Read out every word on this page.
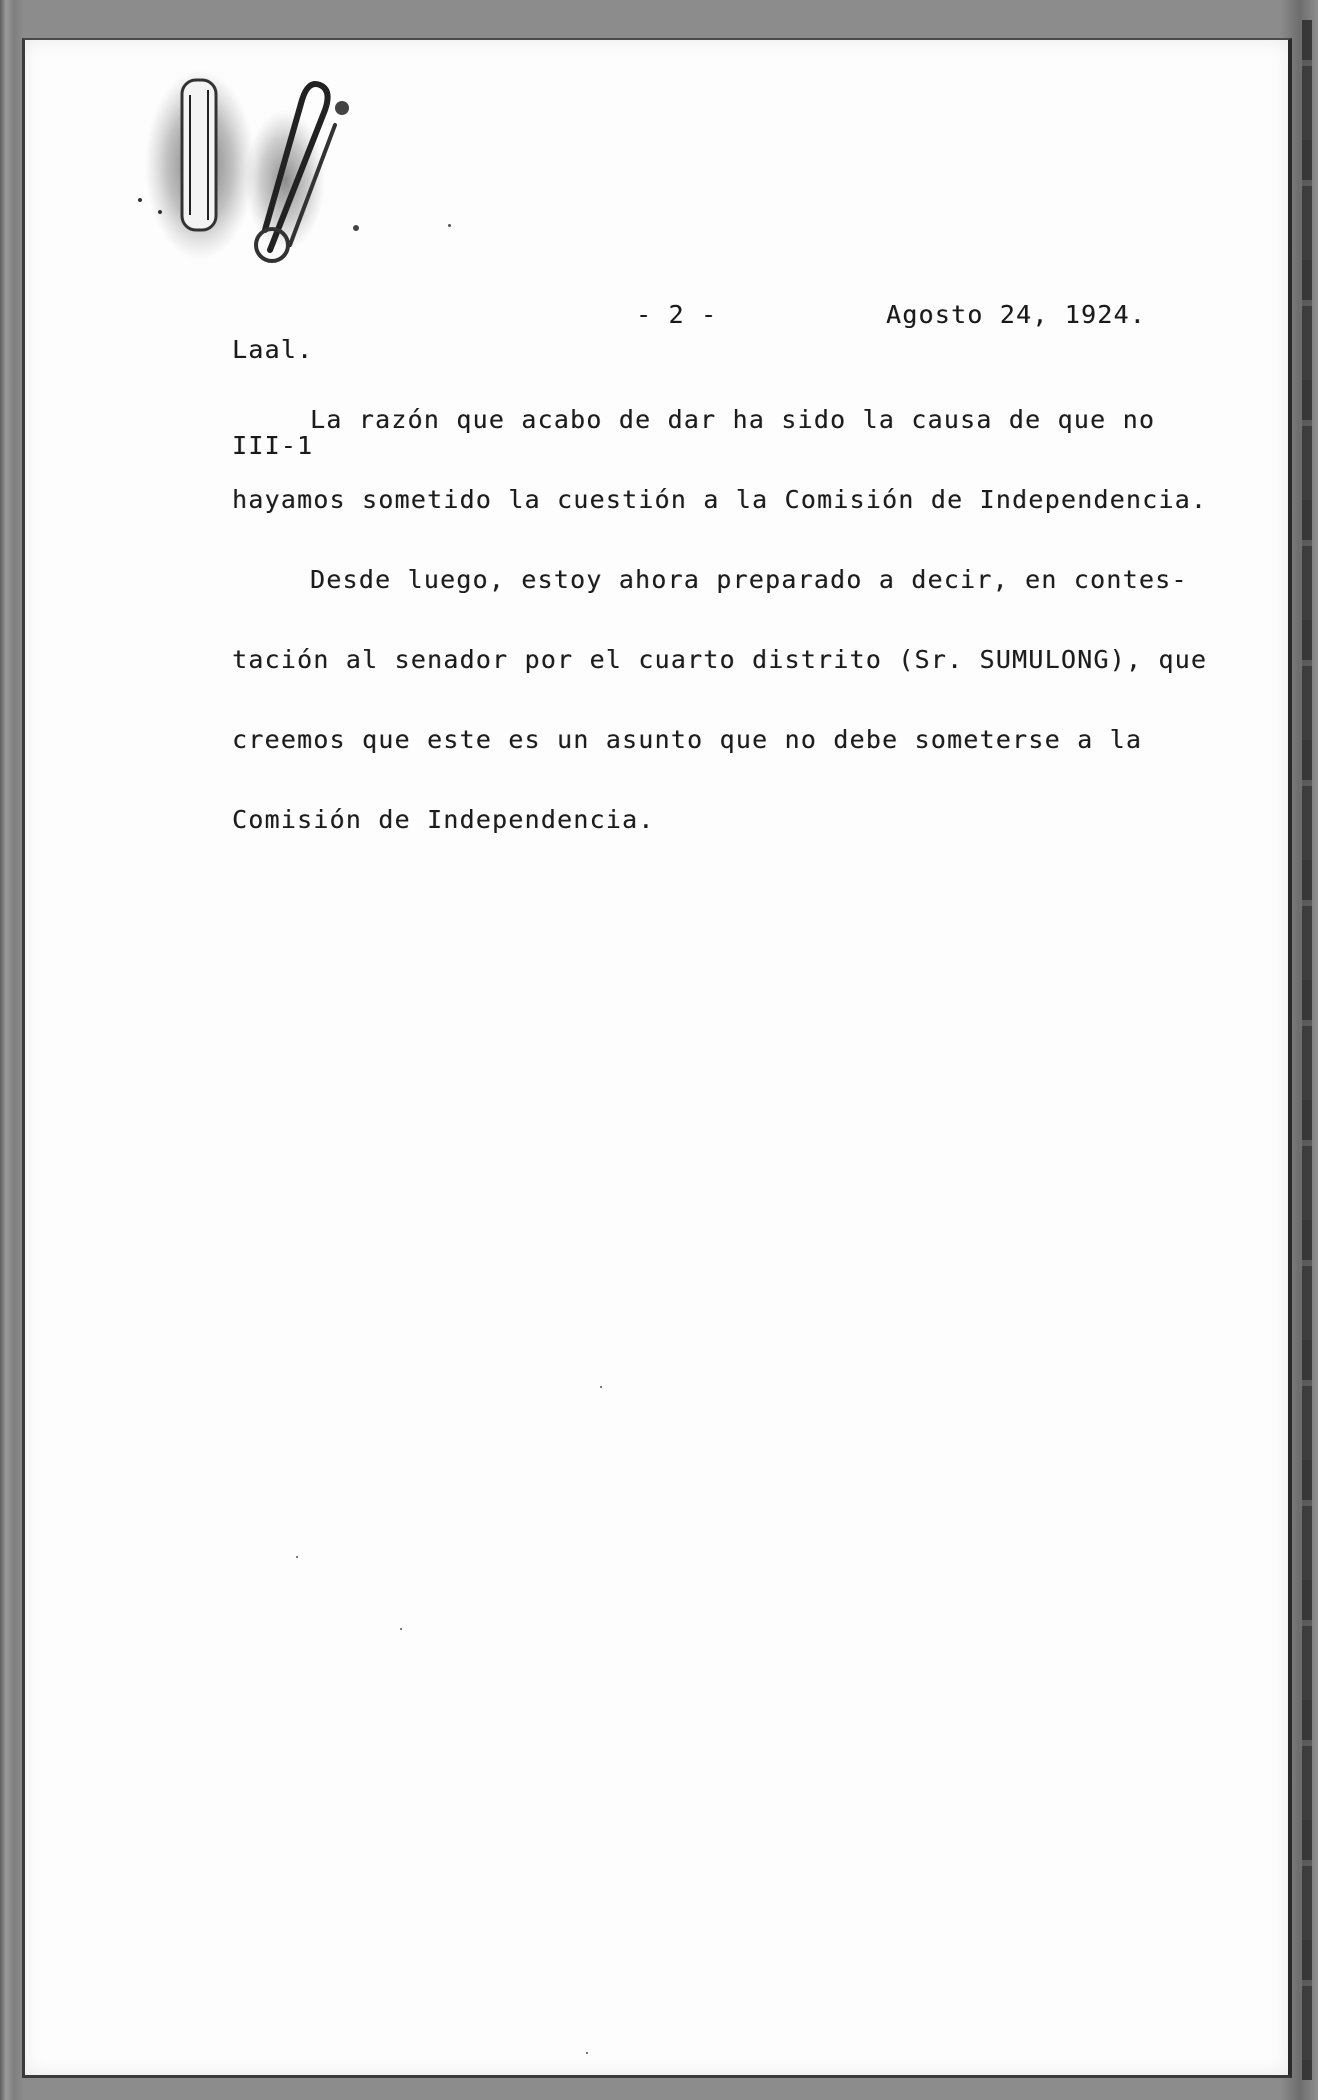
Laal.

III-1

- 2 -	Agosto 24, 1924.
La razón que acabo de dar ha sido la causa de que no
hayamos sometido la cuestión a la Comisión de Independencia.
Desde luego, estoy ahora preparado a decir, en contes-
tación al senador por el cuarto distrito (Sr. SUMULONG), que
creemos que este es un asunto que no debe someterse a la
Comisión de Independencia.
